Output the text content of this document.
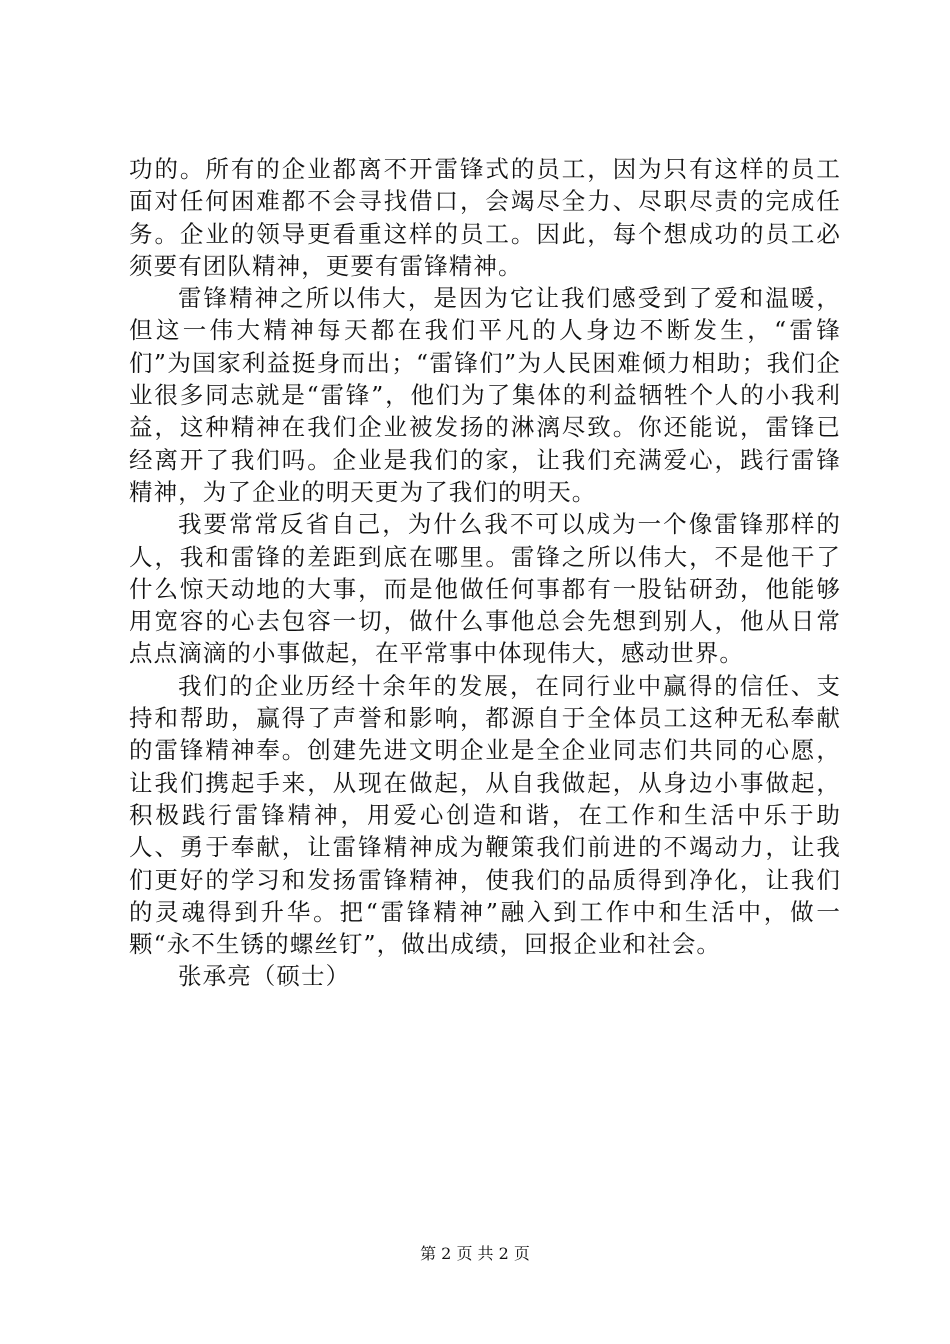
功的。所有的企业都离不开雷锋式的员工，因为只有这样的员工面对任何困难都不会寻找借口，会竭尽全力、尽职尽责的完成任务。企业的领导更看重这样的员工。因此，每个想成功的员工必须要有团队精神，更要有雷锋精神。

雷锋精神之所以伟大，是因为它让我们感受到了爱和温暖，但这一伟大精神每天都在我们平凡的人身边不断发生，“雷锋们”为国家利益挺身而出；“雷锋们”为人民困难倾力相助；我们企业很多同志就是“雷锋”，他们为了集体的利益牺牲个人的小我利益，这种精神在我们企业被发扬的淋漓尽致。你还能说，雷锋已经离开了我们吗。企业是我们的家，让我们充满爱心，践行雷锋精神，为了企业的明天更为了我们的明天。

我要常常反省自己，为什么我不可以成为一个像雷锋那样的人，我和雷锋的差距到底在哪里。雷锋之所以伟大，不是他干了什么惊天动地的大事，而是他做任何事都有一股钻研劲，他能够用宽容的心去包容一切，做什么事他总会先想到别人，他从日常点点滴滴的小事做起，在平常事中体现伟大，感动世界。

我们的企业历经十余年的发展，在同行业中赢得的信任、支持和帮助，赢得了声誉和影响，都源自于全体员工这种无私奉献的雷锋精神奉。创建先进文明企业是全企业同志们共同的心愿，让我们携起手来，从现在做起，从自我做起，从身边小事做起，积极践行雷锋精神，用爱心创造和谐，在工作和生活中乐于助人、勇于奉献，让雷锋精神成为鞭策我们前进的不竭动力，让我们更好的学习和发扬雷锋精神，使我们的品质得到净化，让我们的灵魂得到升华。把“雷锋精神”融入到工作中和生活中，做一颗“永不生锈的螺丝钉”，做出成绩，回报企业和社会。

张承亮（硕士）

第 2 页 共 2 页
